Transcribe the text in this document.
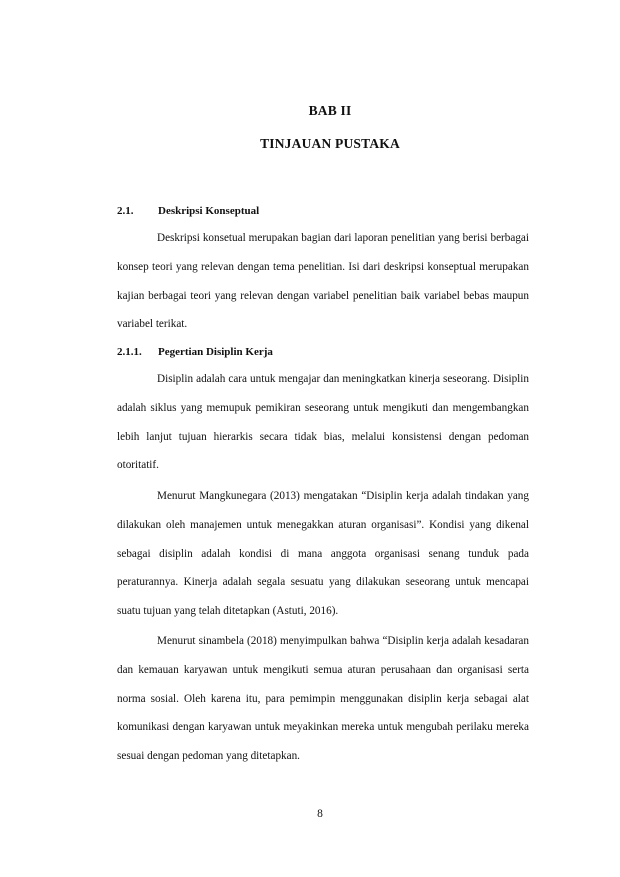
BAB II
TINJAUAN PUSTAKA
2.1. Deskripsi Konseptual

Deskripsi konsetual merupakan bagian dari laporan penelitian yang berisi berbagai konsep teori yang relevan dengan tema penelitian. Isi dari deskripsi konseptual merupakan kajian berbagai teori yang relevan dengan variabel penelitian baik variabel bebas maupun variabel terikat.

2.1.1. Pegertian Disiplin Kerja

Disiplin adalah cara untuk mengajar dan meningkatkan kinerja seseorang. Disiplin adalah siklus yang memupuk pemikiran seseorang untuk mengikuti dan mengembangkan lebih lanjut tujuan hierarkis secara tidak bias, melalui konsistensi dengan pedoman otoritatif.

Menurut Mangkunegara (2013) mengatakan “Disiplin kerja adalah tindakan yang dilakukan oleh manajemen untuk menegakkan aturan organisasi”. Kondisi yang dikenal sebagai disiplin adalah kondisi di mana anggota organisasi senang tunduk pada peraturannya. Kinerja adalah segala sesuatu yang dilakukan seseorang untuk mencapai suatu tujuan yang telah ditetapkan (Astuti, 2016).

Menurut sinambela (2018) menyimpulkan bahwa “Disiplin kerja adalah kesadaran dan kemauan karyawan untuk mengikuti semua aturan perusahaan dan organisasi serta norma sosial. Oleh karena itu, para pemimpin menggunakan disiplin kerja sebagai alat komunikasi dengan karyawan untuk meyakinkan mereka untuk mengubah perilaku mereka sesuai dengan pedoman yang ditetapkan.

8
